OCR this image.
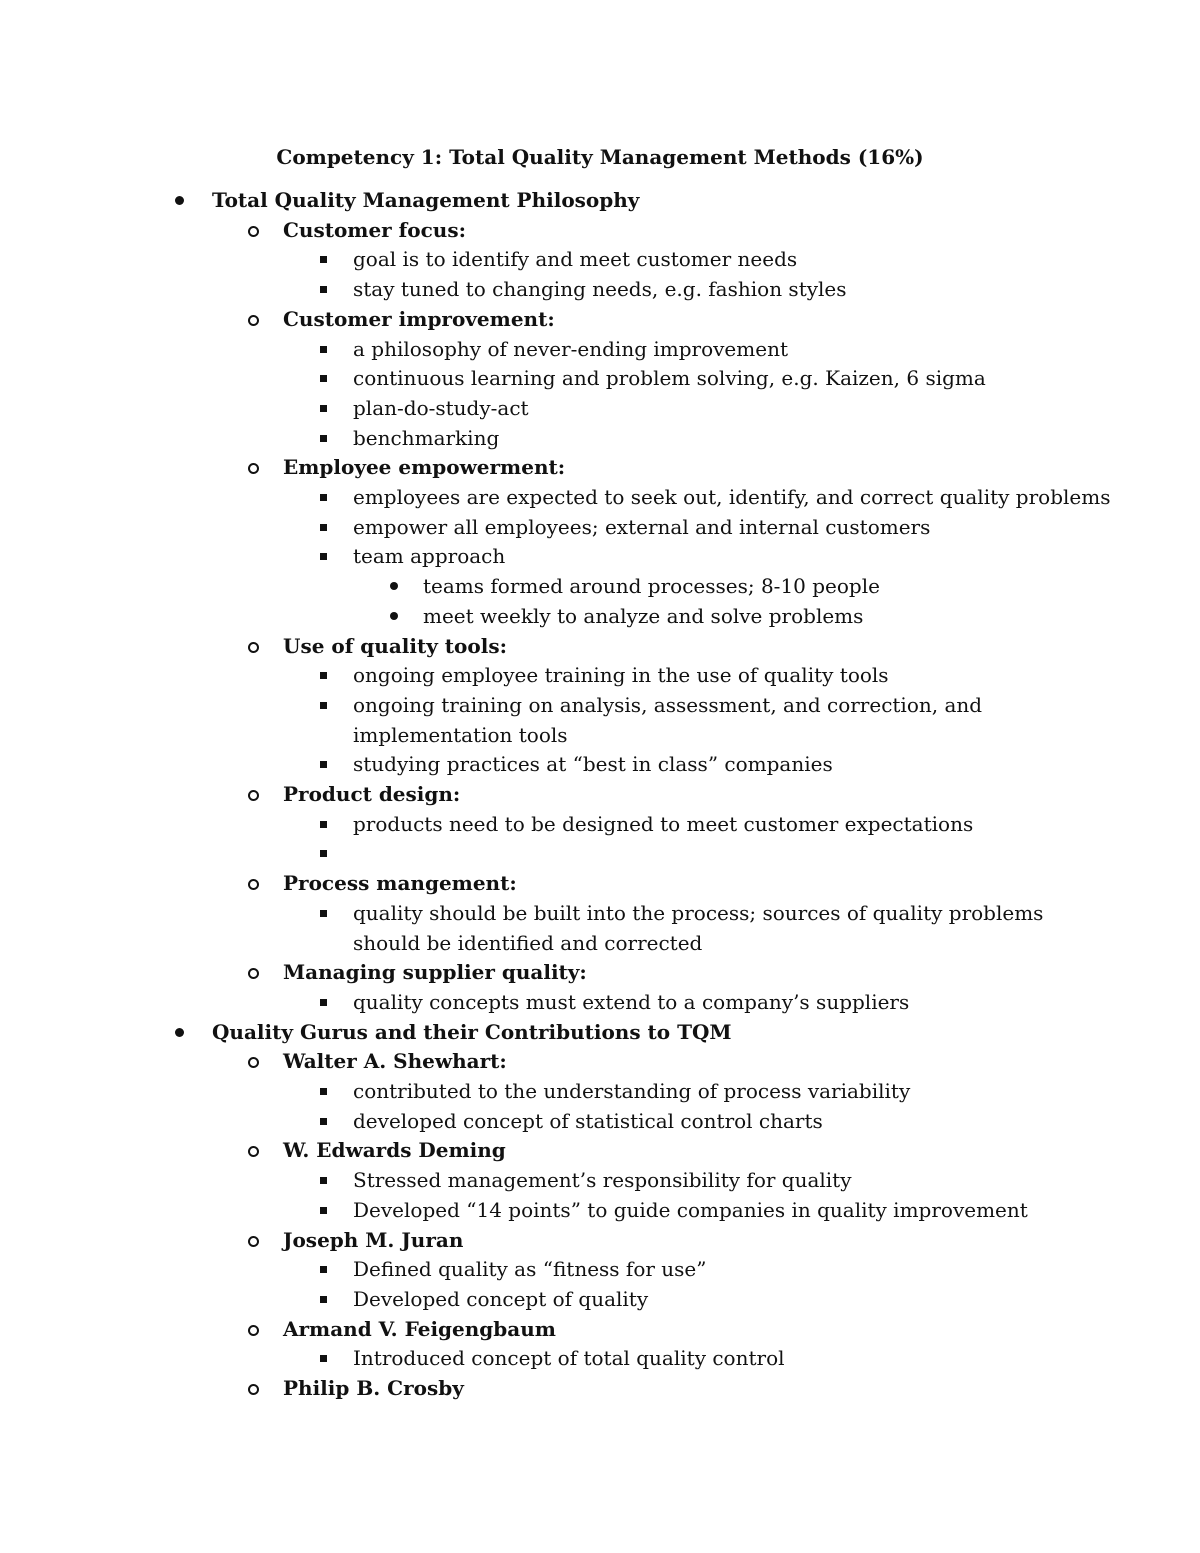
Competency 1: Total Quality Management Methods (16%)
Total Quality Management Philosophy
Customer focus:
goal is to identify and meet customer needs
stay tuned to changing needs, e.g. fashion styles
Customer improvement:
a philosophy of never-ending improvement
continuous learning and problem solving, e.g. Kaizen, 6 sigma
plan-do-study-act
benchmarking
Employee empowerment:
employees are expected to seek out, identify, and correct quality problems
empower all employees; external and internal customers
team approach
teams formed around processes; 8-10 people
meet weekly to analyze and solve problems
Use of quality tools:
ongoing employee training in the use of quality tools
ongoing training on analysis, assessment, and correction, and
implementation tools
studying practices at “best in class” companies
Product design:
products need to be designed to meet customer expectations
Process mangement:
quality should be built into the process; sources of quality problems
should be identified and corrected
Managing supplier quality:
quality concepts must extend to a company’s suppliers
Quality Gurus and their Contributions to TQM
Walter A. Shewhart:
contributed to the understanding of process variability
developed concept of statistical control charts
W. Edwards Deming
Stressed management’s responsibility for quality
Developed “14 points” to guide companies in quality improvement
Joseph M. Juran
Defined quality as “fitness for use”
Developed concept of quality
Armand V. Feigengbaum
Introduced concept of total quality control
Philip B. Crosby
